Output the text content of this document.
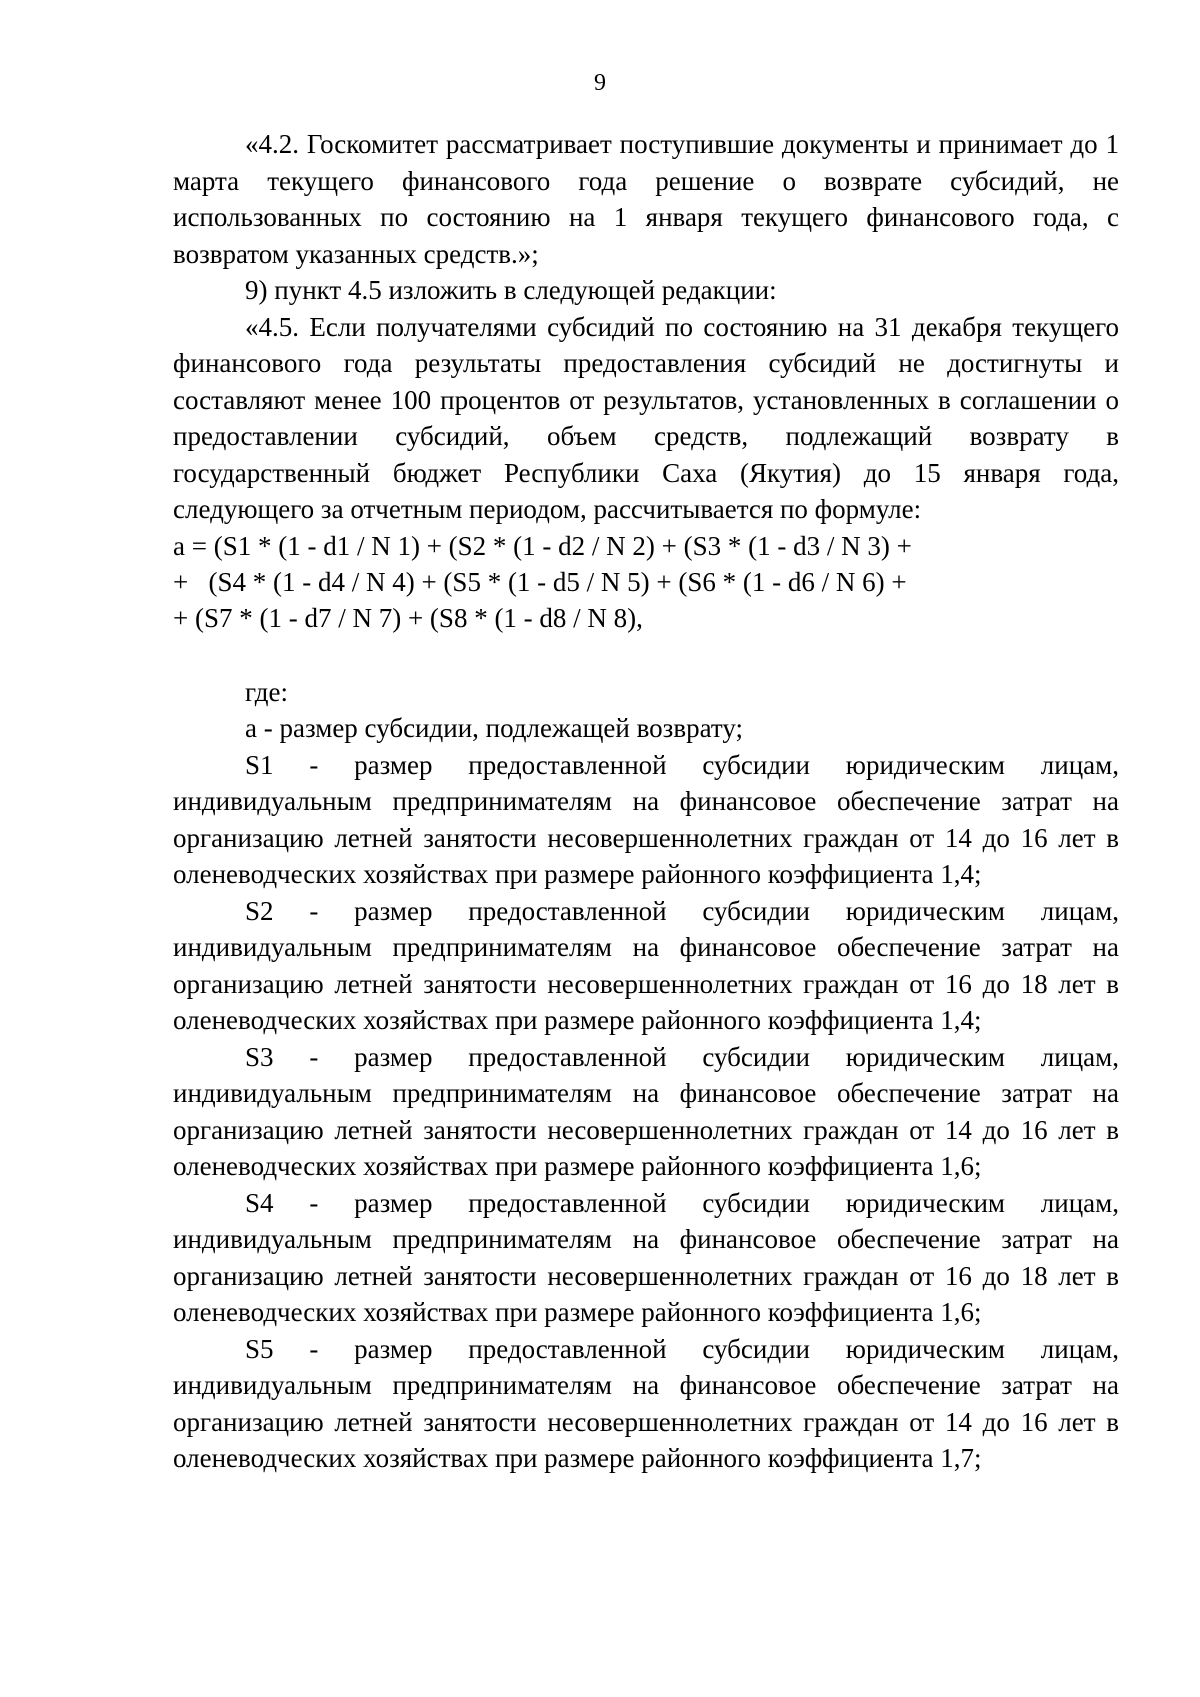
9

«4.2. Госкомитет рассматривает поступившие документы и принимает до 1 марта текущего финансового года решение о возврате субсидий, не использованных по состоянию на 1 января текущего финансового года, с возвратом указанных средств.»;

9) пункт 4.5 изложить в следующей редакции:

«4.5. Если получателями субсидий по состоянию на 31 декабря текущего финансового года результаты предоставления субсидий не достигнуты и составляют менее 100 процентов от результатов, установленных в соглашении о предоставлении субсидий, объем средств, подлежащий возврату в государственный бюджет Республики Саха (Якутия) до 15 января года, следующего за отчетным периодом, рассчитывается по формуле:

a = (S1 * (1 - d1 / N 1) + (S2 * (1 - d2 / N 2) + (S3 * (1 - d3 / N 3) +

+   (S4 * (1 - d4 / N 4) + (S5 * (1 - d5 / N 5) + (S6 * (1 - d6 / N 6) +

+ (S7 * (1 - d7 / N 7) + (S8 * (1 - d8 / N 8),

где:

а - размер субсидии, подлежащей возврату;

S1 - размер предоставленной субсидии юридическим лицам, индивидуальным предпринимателям на финансовое обеспечение затрат на организацию летней занятости несовершеннолетних граждан от 14 до 16 лет в оленеводческих хозяйствах при размере районного коэффициента 1,4;

S2 - размер предоставленной субсидии юридическим лицам, индивидуальным предпринимателям на финансовое обеспечение затрат на организацию летней занятости несовершеннолетних граждан от 16 до 18 лет в оленеводческих хозяйствах при размере районного коэффициента 1,4;

S3 - размер предоставленной субсидии юридическим лицам, индивидуальным предпринимателям на финансовое обеспечение затрат на организацию летней занятости несовершеннолетних граждан от 14 до 16 лет в оленеводческих хозяйствах при размере районного коэффициента 1,6;

S4 - размер предоставленной субсидии юридическим лицам, индивидуальным предпринимателям на финансовое обеспечение затрат на организацию летней занятости несовершеннолетних граждан от 16 до 18 лет в оленеводческих хозяйствах при размере районного коэффициента 1,6;

S5 - размер предоставленной субсидии юридическим лицам, индивидуальным предпринимателям на финансовое обеспечение затрат на организацию летней занятости несовершеннолетних граждан от 14 до 16 лет в оленеводческих хозяйствах при размере районного коэффициента 1,7;
